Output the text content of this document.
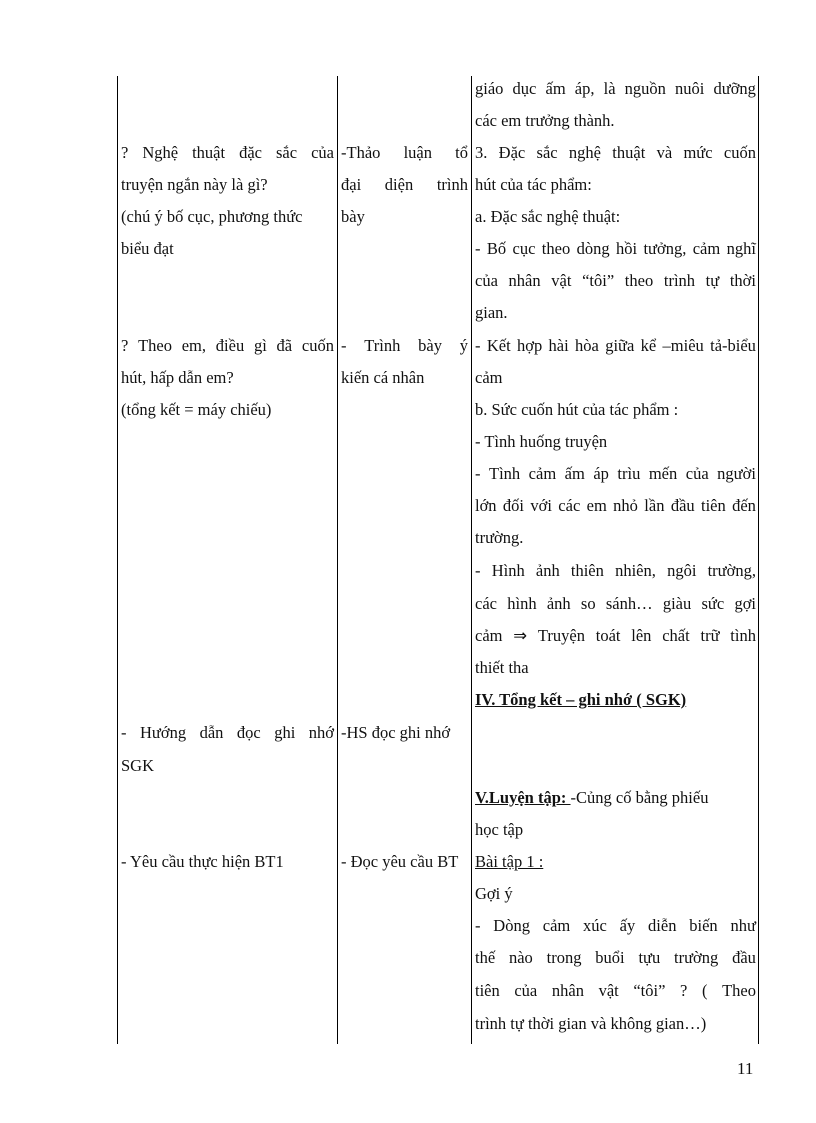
? Nghệ thuật đặc sắc của
truyện ngắn này là gì?
(chú ý bố cục, phương thức
biểu đạt
? Theo em, điều gì đã cuốn
hút, hấp dẫn em?
(tổng kết = máy chiếu)
- Hướng dẫn đọc ghi nhớ
SGK
- Yêu cầu thực hiện BT1
-Thảo luận tổ
đại diện trình
bày
- Trình bày ý
kiến cá nhân
-HS đọc ghi nhớ
- Đọc yêu cầu BT
giáo dục ấm áp, là nguồn nuôi dưỡng
các em trưởng thành.
3. Đặc sắc nghệ thuật và mức cuốn
hút của tác phẩm:
a. Đặc sắc nghệ thuật:
- Bố cục theo dòng hồi tưởng, cảm nghĩ
của nhân vật “tôi” theo trình tự thời
gian.
- Kết hợp hài hòa giữa kể –miêu tả-biểu
cảm
b. Sức cuốn hút của tác phẩm :
- Tình huống truyện
- Tình cảm ấm áp trìu mến của người
lớn đối với các em nhỏ lần đầu tiên đến
trường.
- Hình ảnh thiên nhiên, ngôi trường,
các hình ảnh so sánh… giàu sức gợi
cảm ⇒ Truyện toát lên chất trữ tình
thiết tha
IV. Tổng kết – ghi nhớ ( SGK)
V.Luyện tập: -Củng cố bằng phiếu
học tập
Bài tập 1 :
Gợi ý
- Dòng cảm xúc ấy diễn biến như
thế nào trong buổi tựu trường đầu
tiên của nhân vật “tôi” ? ( Theo
trình tự thời gian và không gian…)
11
